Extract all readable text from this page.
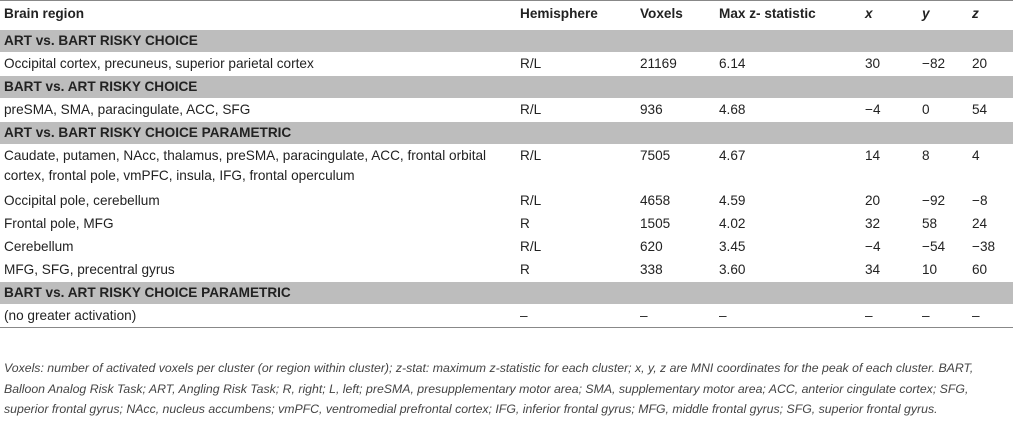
Brain region	Hemisphere	Voxels	Max z- statistic	x	y	z
ART vs. BART RISKY CHOICE						
Occipital cortex, precuneus, superior parietal cortex	R/L	21169	6.14	30	−82	20
BART vs. ART RISKY CHOICE						
preSMA, SMA, paracingulate, ACC, SFG	R/L	936	4.68	−4	0	54
ART vs. BART RISKY CHOICE PARAMETRIC						
Caudate, putamen, NAcc, thalamus, preSMA, paracingulate, ACC, frontal orbital cortex, frontal pole, vmPFC, insula, IFG, frontal operculum	R/L	7505	4.67	14	8	4
Occipital pole, cerebellum	R/L	4658	4.59	20	−92	−8
Frontal pole, MFG	R	1505	4.02	32	58	24
Cerebellum	R/L	620	3.45	−4	−54	−38
MFG, SFG, precentral gyrus	R	338	3.60	34	10	60
BART vs. ART RISKY CHOICE PARAMETRIC						
(no greater activation)	–	–	–	–	–	–
Voxels: number of activated voxels per cluster (or region within cluster); z-stat: maximum z-statistic for each cluster; x, y, z are MNI coordinates for the peak of each cluster. BART, Balloon Analog Risk Task; ART, Angling Risk Task; R, right; L, left; preSMA, presupplementary motor area; SMA, supplementary motor area; ACC, anterior cingulate cortex; SFG, superior frontal gyrus; NAcc, nucleus accumbens; vmPFC, ventromedial prefrontal cortex; IFG, inferior frontal gyrus; MFG, middle frontal gyrus; SFG, superior frontal gyrus.
